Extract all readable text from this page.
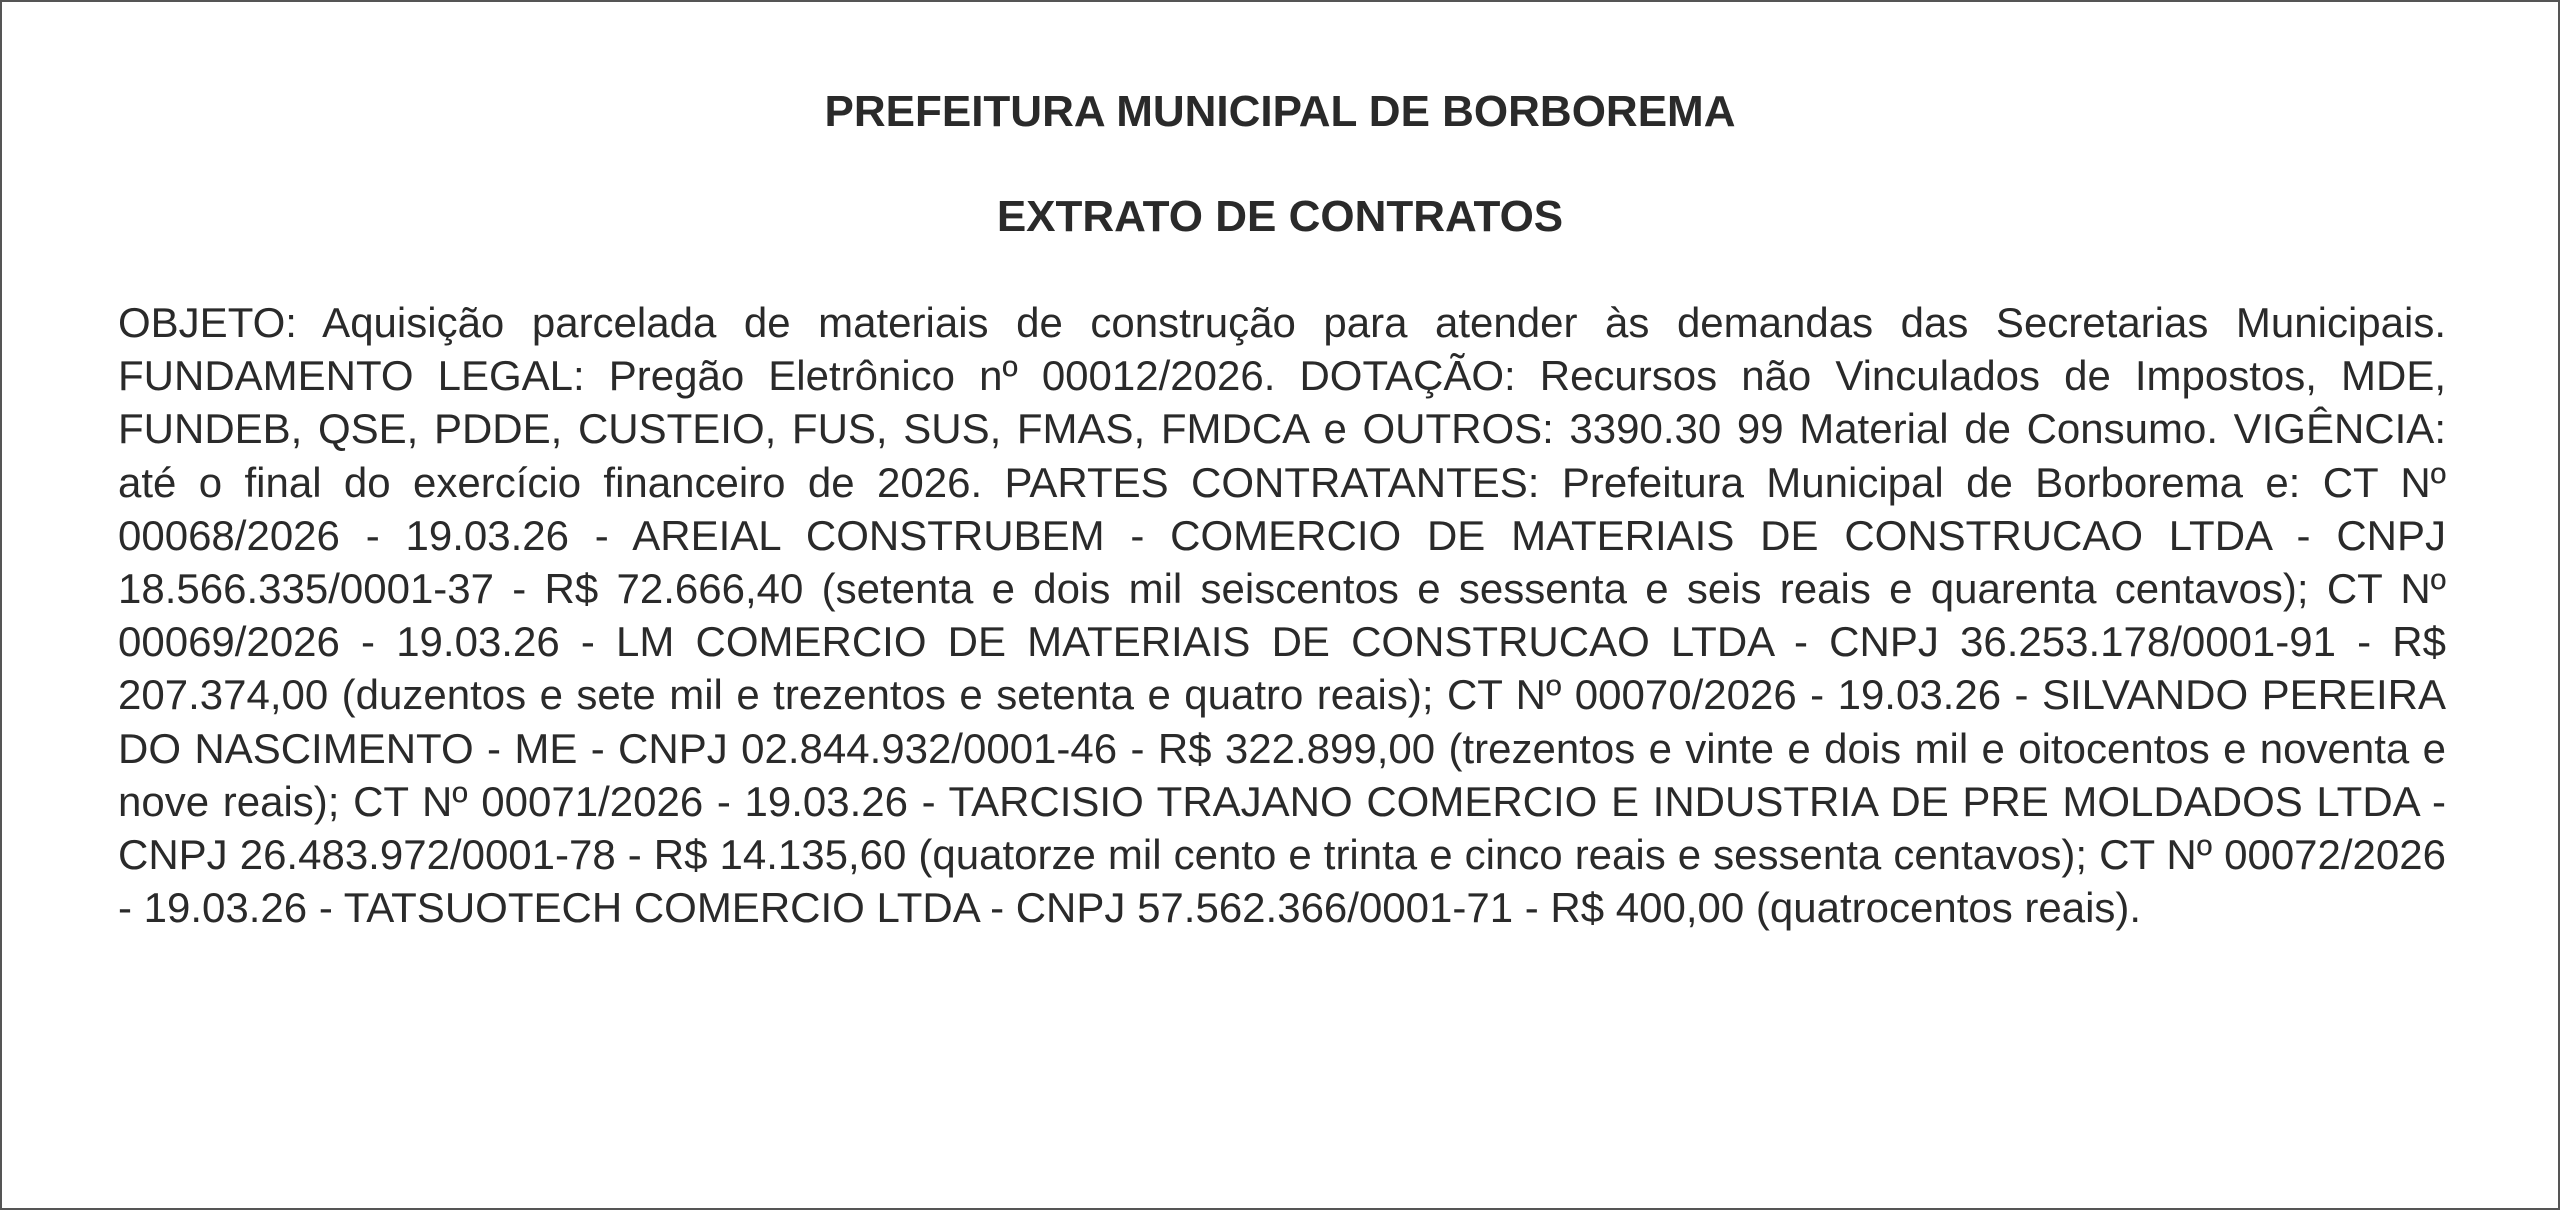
PREFEITURA MUNICIPAL DE BORBOREMA
EXTRATO DE CONTRATOS

OBJETO: Aquisição parcelada de materiais de construção para atender às demandas das Secretarias Municipais. FUNDAMENTO LEGAL: Pregão Eletrônico nº 00012/2026. DOTAÇÃO: Recursos não Vinculados de Impostos, MDE, FUNDEB, QSE, PDDE, CUSTEIO, FUS, SUS, FMAS, FMDCA e OUTROS: 3390.30 99 Material de Consumo. VIGÊNCIA: até o final do exercício financeiro de 2026. PARTES CONTRATANTES: Prefeitura Municipal de Borborema e: CT Nº 00068/2026 - 19.03.26 - AREIAL CONSTRUBEM - COMERCIO DE MATERIAIS DE CONSTRUCAO LTDA - CNPJ 18.566.335/0001-37 - R$ 72.666,40 (setenta e dois mil seiscentos e sessenta e seis reais e quarenta centavos); CT Nº 00069/2026 - 19.03.26 - LM COMERCIO DE MATERIAIS DE CONSTRUCAO LTDA - CNPJ 36.253.178/0001-91 - R$ 207.374,00 (duzentos e sete mil e trezentos e setenta e quatro reais); CT Nº 00070/2026 - 19.03.26 - SILVANDO PEREIRA DO NASCIMENTO - ME - CNPJ 02.844.932/0001-46 - R$ 322.899,00 (trezentos e vinte e dois mil e oitocentos e noventa e nove reais); CT Nº 00071/2026 - 19.03.26 - TARCISIO TRAJANO COMERCIO E INDUSTRIA DE PRE MOLDADOS LTDA - CNPJ 26.483.972/0001-78 - R$ 14.135,60 (quatorze mil cento e trinta e cinco reais e sessenta centavos); CT Nº 00072/2026 - 19.03.26 - TATSUOTECH COMERCIO LTDA - CNPJ 57.562.366/0001-71 - R$ 400,00 (quatrocentos reais).
